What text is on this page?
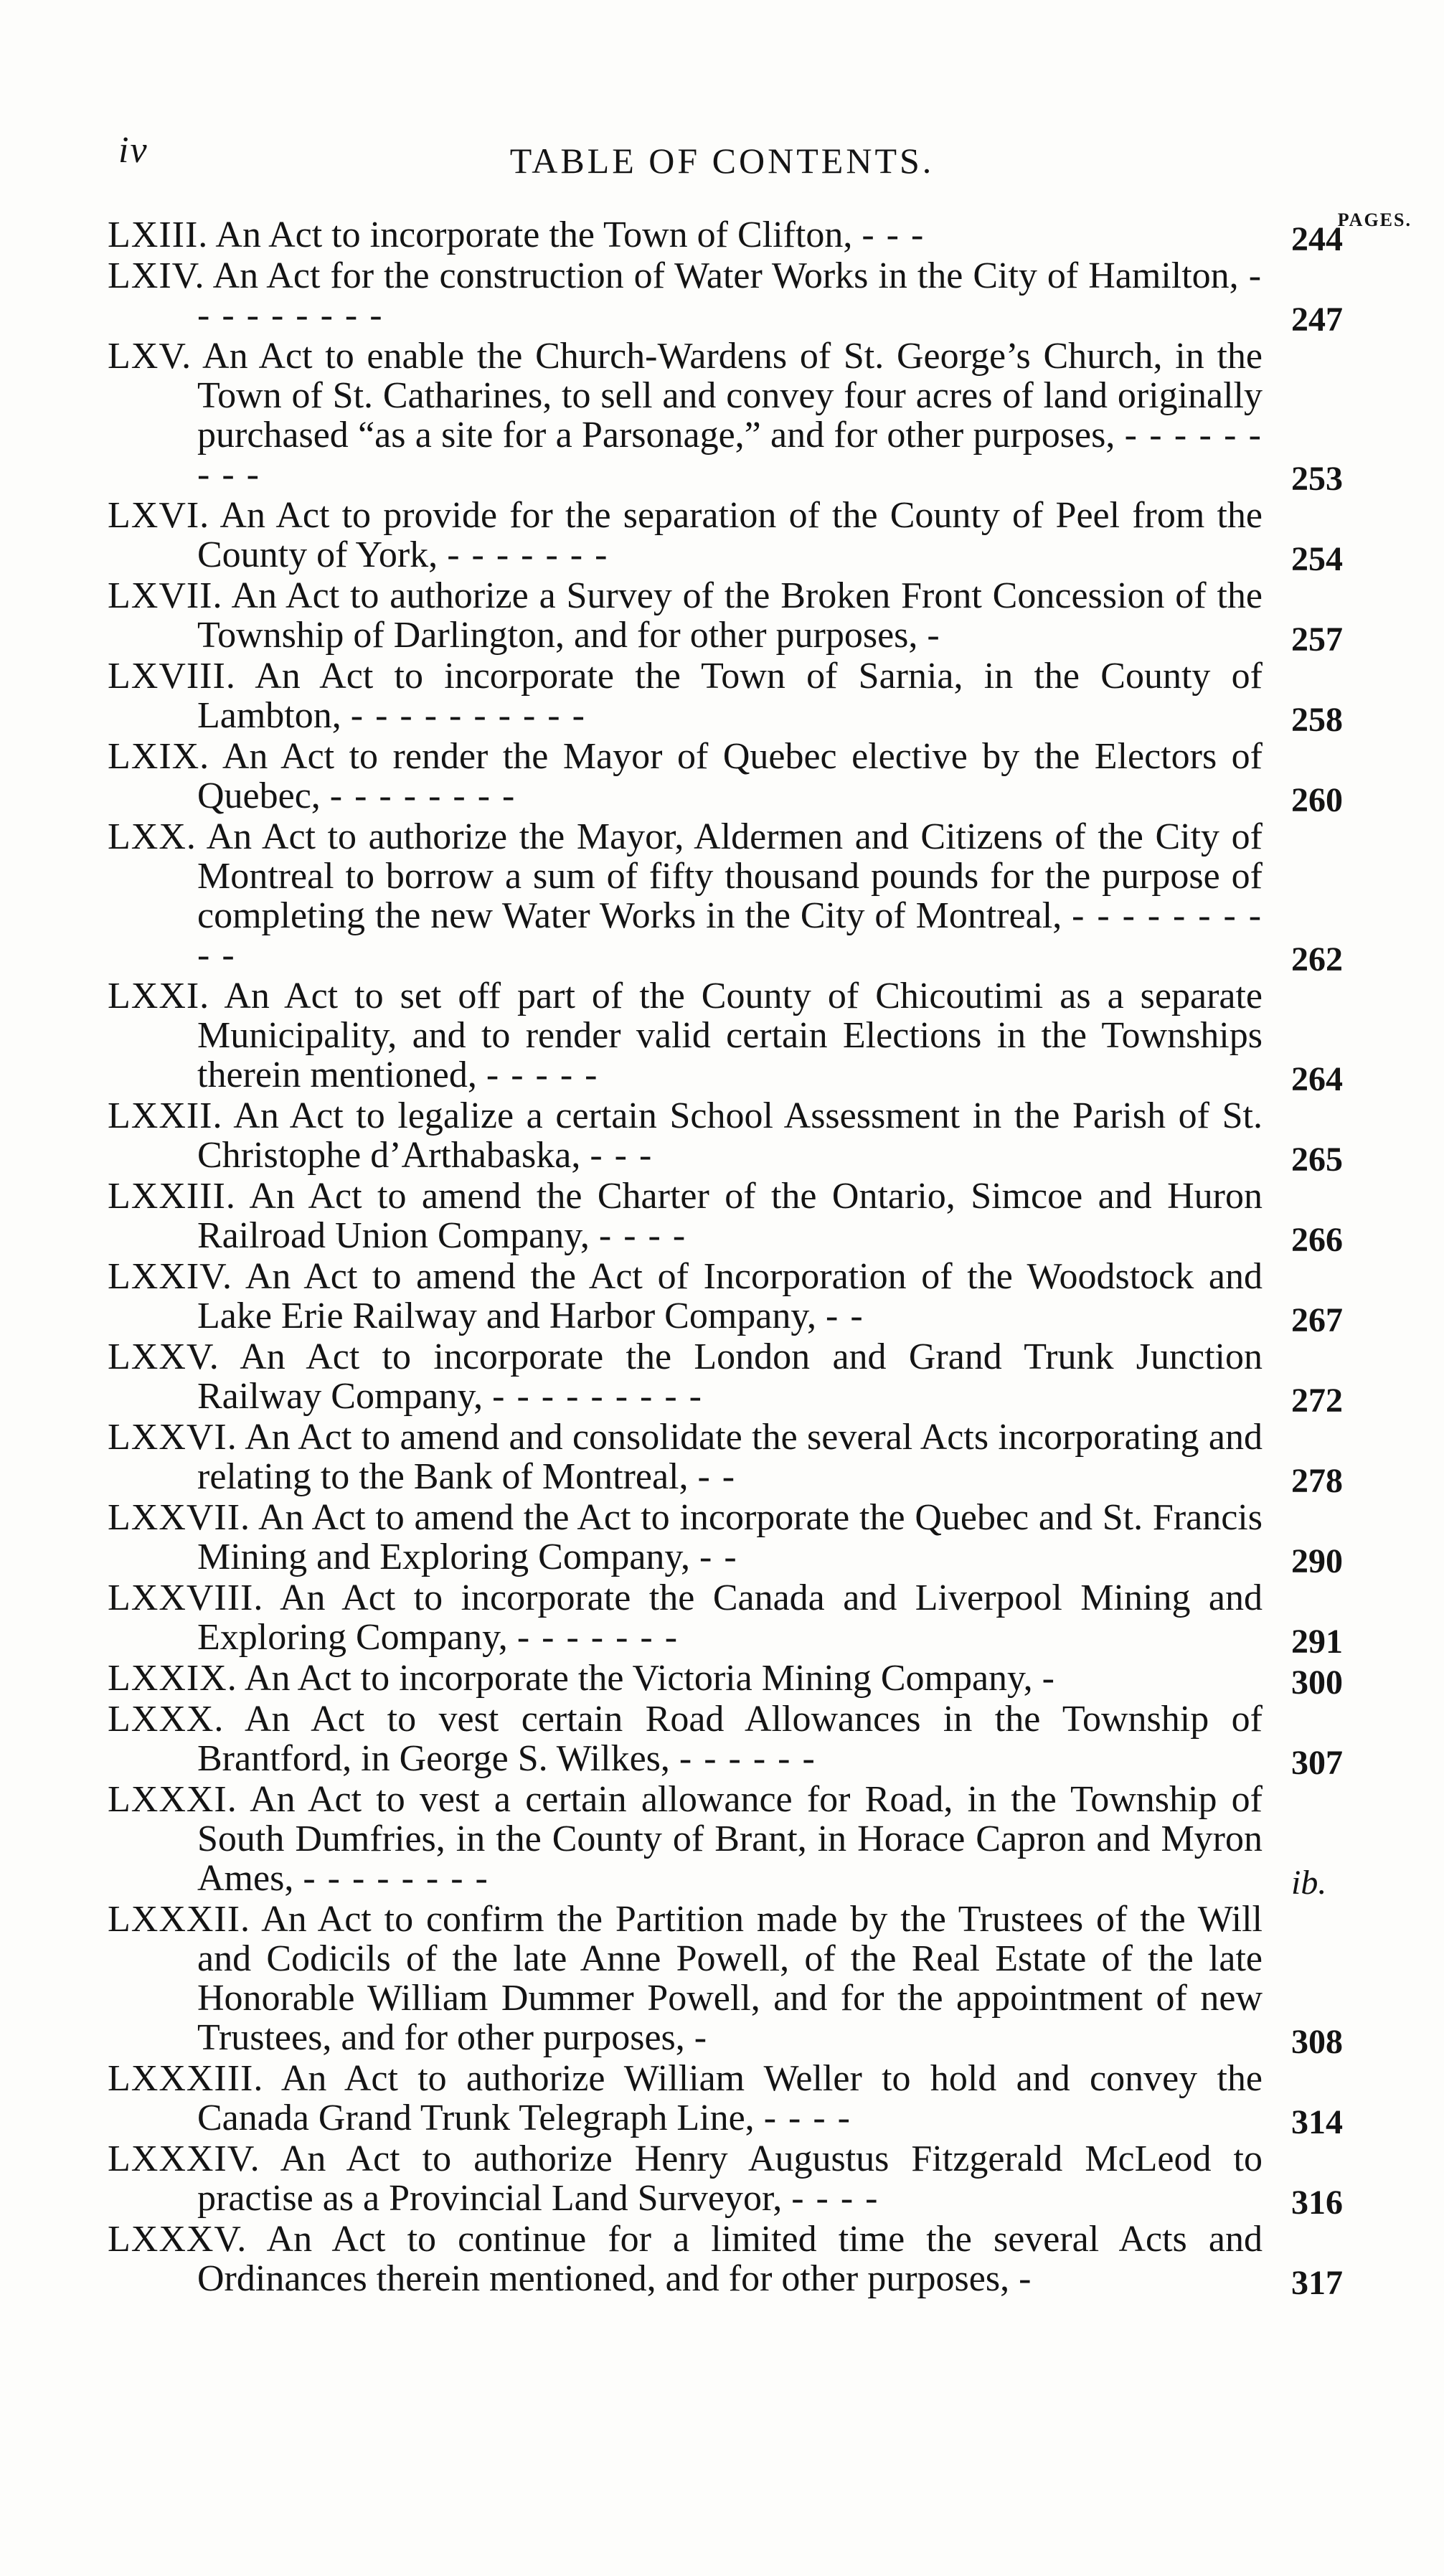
iv	TABLE OF CONTENTS.
PAGES.
LXIII. An Act to incorporate the Town of Clifton, - - -	244
LXIV. An Act for the construction of Water Works in the City of Hamilton, - - - - - - - - -	247
LXV. An Act to enable the Church-Wardens of St. George’s Church, in the Town of St. Catharines, to sell and convey four acres of land originally purchased “as a site for a Parsonage,” and for other purposes, - - - - - - - - -	253
LXVI. An Act to provide for the separation of the County of Peel from the County of York, - - - - - - -	254
LXVII. An Act to authorize a Survey of the Broken Front Concession of the Township of Darlington, and for other purposes, -	257
LXVIII. An Act to incorporate the Town of Sarnia, in the County of Lambton, - - - - - - - - - -	258
LXIX. An Act to render the Mayor of Quebec elective by the Electors of Quebec, - - - - - - - -	260
LXX. An Act to authorize the Mayor, Aldermen and Citizens of the City of Montreal to borrow a sum of fifty thousand pounds for the purpose of completing the new Water Works in the City of Montreal, - - - - - - - - - -	262
LXXI. An Act to set off part of the County of Chicoutimi as a separate Municipality, and to render valid certain Elections in the Townships therein mentioned, - - - - -	264
LXXII. An Act to legalize a certain School Assessment in the Parish of St. Christophe d’Arthabaska, - - -	265
LXXIII. An Act to amend the Charter of the Ontario, Simcoe and Huron Railroad Union Company, - - - -	266
LXXIV. An Act to amend the Act of Incorporation of the Woodstock and Lake Erie Railway and Harbor Company, - -	267
LXXV. An Act to incorporate the London and Grand Trunk Junction Railway Company, - - - - - - - - -	272
LXXVI. An Act to amend and consolidate the several Acts incorporating and relating to the Bank of Montreal, - -	278
LXXVII. An Act to amend the Act to incorporate the Quebec and St. Francis Mining and Exploring Company, - -	290
LXXVIII. An Act to incorporate the Canada and Liverpool Mining and Exploring Company, - - - - - - -	291
LXXIX. An Act to incorporate the Victoria Mining Company, -	300
LXXX. An Act to vest certain Road Allowances in the Township of Brantford, in George S. Wilkes, - - - - - -	307
LXXXI. An Act to vest a certain allowance for Road, in the Township of South Dumfries, in the County of Brant, in Horace Capron and Myron Ames, - - - - - - - -	ib.
LXXXII. An Act to confirm the Partition made by the Trustees of the Will and Codicils of the late Anne Powell, of the Real Estate of the late Honorable William Dummer Powell, and for the appointment of new Trustees, and for other purposes, -	308
LXXXIII. An Act to authorize William Weller to hold and convey the Canada Grand Trunk Telegraph Line, - - - -	314
LXXXIV. An Act to authorize Henry Augustus Fitzgerald McLeod to practise as a Provincial Land Surveyor, - - - -	316
LXXXV. An Act to continue for a limited time the several Acts and Ordinances therein mentioned, and for other purposes, -	317
